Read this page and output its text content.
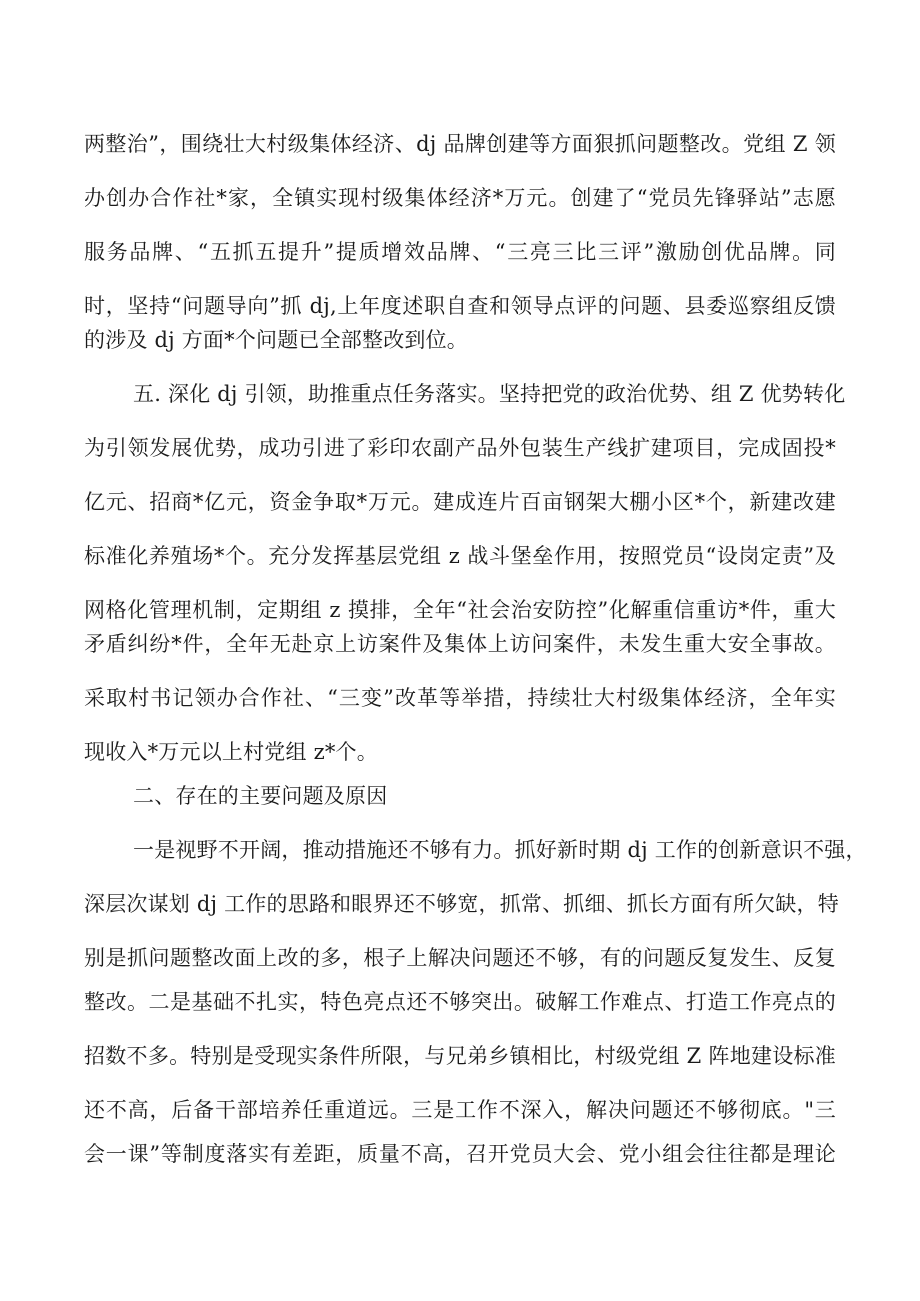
两整治”，围绕壮大村级集体经济、dj 品牌创建等方面狠抓问题整改。党组 Z 领
办创办合作社*家，全镇实现村级集体经济*万元。创建了“党员先锋驿站”志愿
服务品牌、“五抓五提升”提质增效品牌、“三亮三比三评”激励创优品牌。同
时，坚持“问题导向”抓 dj,上年度述职自查和领导点评的问题、县委巡察组反馈
的涉及 dj 方面*个问题已全部整改到位。
五. 深化 dj 引领，助推重点任务落实。坚持把党的政治优势、组 Z 优势转化
为引领发展优势，成功引进了彩印农副产品外包装生产线扩建项目，完成固投*
亿元、招商*亿元，资金争取*万元。建成连片百亩钢架大棚小区*个，新建改建
标准化养殖场*个。充分发挥基层党组 z 战斗堡垒作用，按照党员“设岗定责”及
网格化管理机制，定期组 z 摸排，全年“社会治安防控”化解重信重访*件，重大
矛盾纠纷*件，全年无赴京上访案件及集体上访问案件，未发生重大安全事故。
采取村书记领办合作社、“三变”改革等举措，持续壮大村级集体经济，全年实
现收入*万元以上村党组 z*个。
二、存在的主要问题及原因
一是视野不开阔，推动措施还不够有力。抓好新时期 dj 工作的创新意识不强，
深层次谋划 dj 工作的思路和眼界还不够宽，抓常、抓细、抓长方面有所欠缺，特
别是抓问题整改面上改的多，根子上解决问题还不够，有的问题反复发生、反复
整改。二是基础不扎实，特色亮点还不够突出。破解工作难点、打造工作亮点的
招数不多。特别是受现实条件所限，与兄弟乡镇相比，村级党组 Z 阵地建设标准
还不高，后备干部培养任重道远。三是工作不深入，解决问题还不够彻底。"三
会一课”等制度落实有差距，质量不高，召开党员大会、党小组会往往都是理论
